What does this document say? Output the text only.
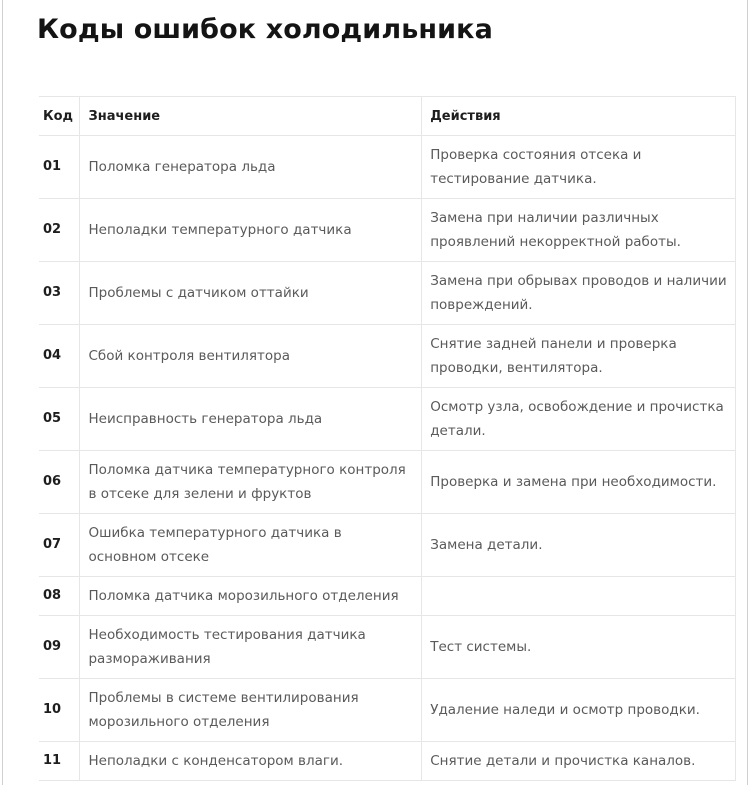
Коды ошибок холодильника
Код	Значение	Действия
01	Поломка генератора льда	Проверка состояния отсека и тестирование датчика.
02	Неполадки температурного датчика	Замена при наличии различных проявлений некорректной работы.
03	Проблемы с датчиком оттайки	Замена при обрывах проводов и наличии повреждений.
04	Сбой контроля вентилятора	Снятие задней панели и проверка проводки, вентилятора.
05	Неисправность генератора льда	Осмотр узла, освобождение и прочистка детали.
06	Поломка датчика температурного контроля в отсеке для зелени и фруктов	Проверка и замена при необходимости.
07	Ошибка температурного датчика в основном отсеке	Замена детали.
08	Поломка датчика морозильного отделения	
09	Необходимость тестирования датчика размораживания	Тест системы.
10	Проблемы в системе вентилирования морозильного отделения	Удаление наледи и осмотр проводки.
11	Неполадки с конденсатором влаги.	Снятие детали и прочистка каналов.
